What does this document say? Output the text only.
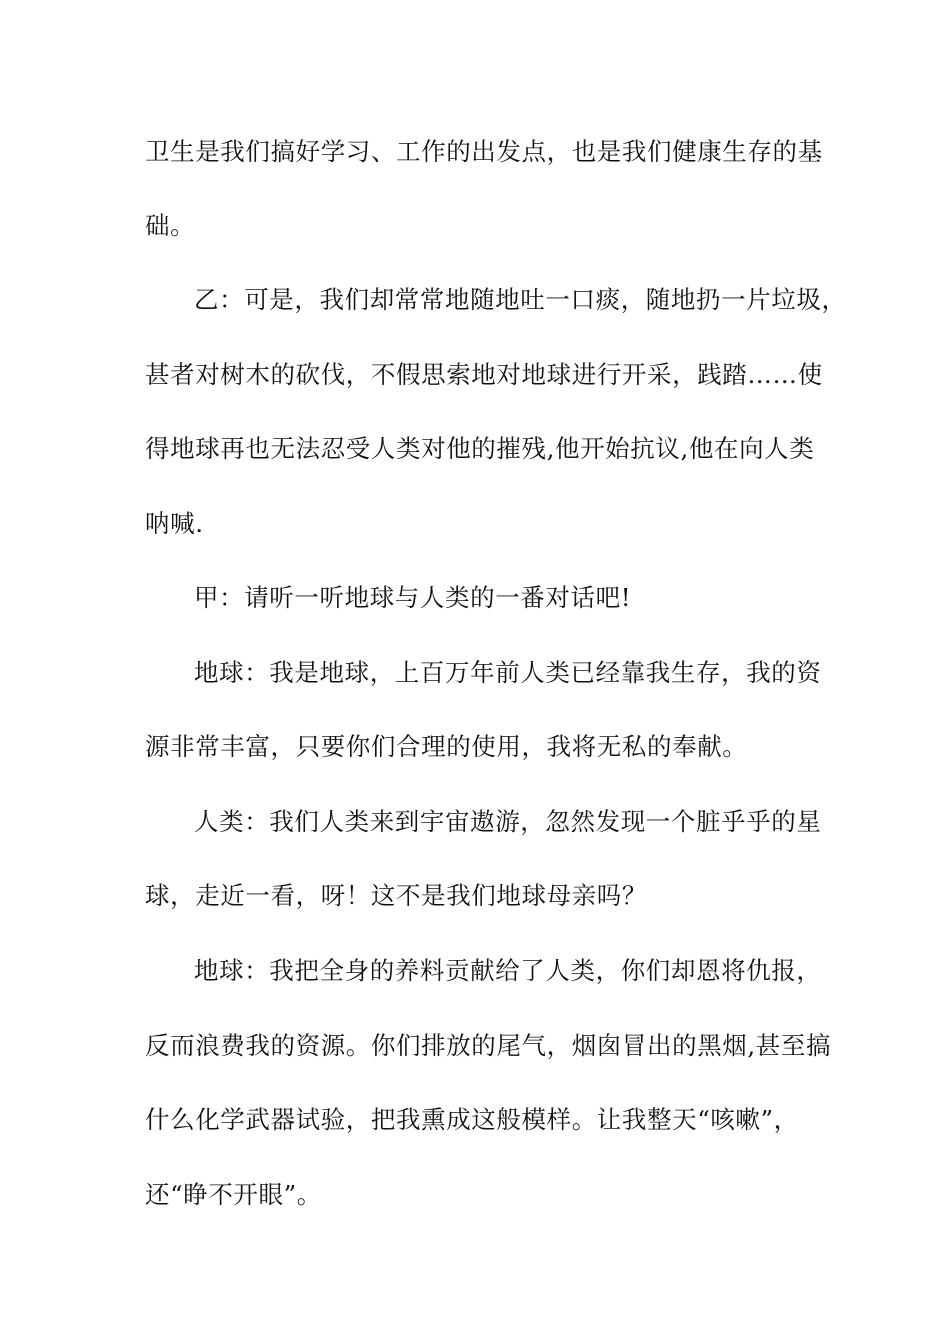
卫生是我们搞好学习、工作的出发点，也是我们健康生存的基
础。
乙：可是，我们却常常地随地吐一口痰，随地扔一片垃圾，
甚者对树木的砍伐，不假思索地对地球进行开采，践踏……使
得地球再也无法忍受人类对他的摧残,他开始抗议,他在向人类
呐喊.
甲：请听一听地球与人类的一番对话吧!
地球：我是地球，上百万年前人类已经靠我生存，我的资
源非常丰富，只要你们合理的使用，我将无私的奉献。
人类：我们人类来到宇宙遨游，忽然发现一个脏乎乎的星
球，走近一看，呀！这不是我们地球母亲吗？
地球：我把全身的养料贡献给了人类，你们却恩将仇报，
反而浪费我的资源。你们排放的尾气，烟囱冒出的黑烟,甚至搞
什么化学武器试验，把我熏成这般模样。让我整天“咳嗽”，
还“睁不开眼”。
